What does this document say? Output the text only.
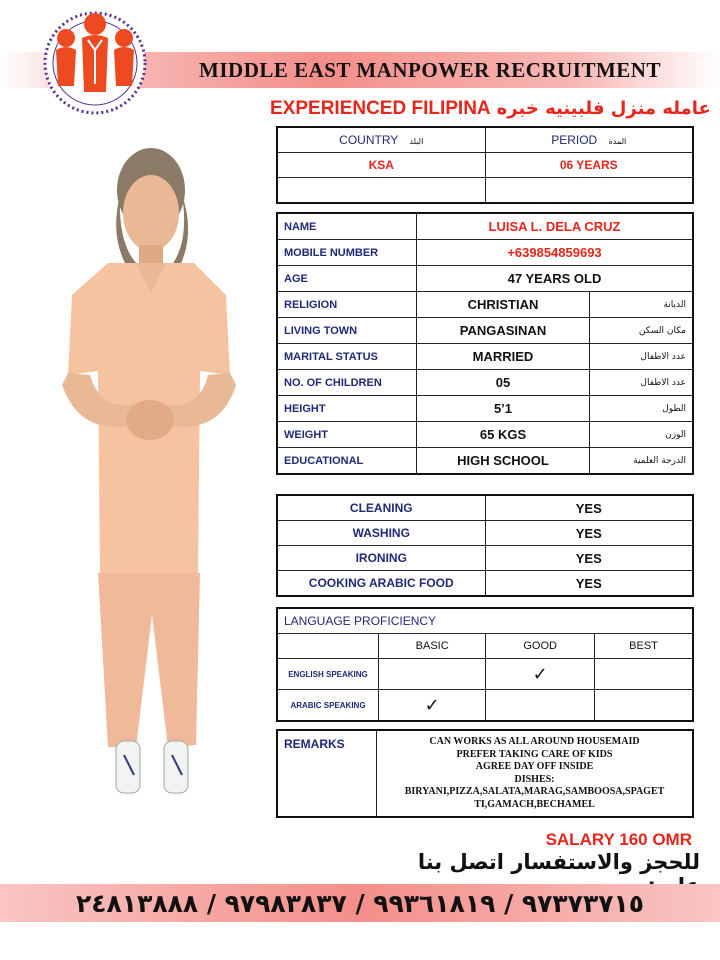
MIDDLE EAST MANPOWER RECRUITMENT
EXPERIENCED FILIPINA عامله منزل فلبينيه خبره
COUNTRY البلد	PERIOD المدة
KSA	06 YEARS

NAME	LUISA L. DELA CRUZ	
MOBILE NUMBER	+639854859693	
AGE	47 YEARS OLD	
RELIGION	CHRISTIAN	الديانة
LIVING TOWN	PANGASINAN	مكان السكن
MARITAL STATUS	MARRIED	عدد الاطفال
NO. OF CHILDREN	05	عدد الاطفال
HEIGHT	5’1	الطول
WEIGHT	65 KGS	الوزن
EDUCATIONAL	HIGH SCHOOL	الدرجة العلمية
CLEANING	YES
WASHING	YES
IRONING	YES
COOKING ARABIC FOOD	YES
LANGUAGE PROFICIENCY			
	BASIC	GOOD	BEST
ENGLISH SPEAKING		✓	
ARABIC SPEAKING	✓		
REMARKS	CAN WORKS AS ALL AROUND HOUSEMAID
PREFER TAKING CARE OF KIDS
AGREE DAY OFF INSIDE
DISHES:
BIRYANI,PIZZA,SALATA,MARAG,SAMBOOSA,SPAGET
TI,GAMACH,BECHAMEL
SALARY 160 OMR
للحجز والاستفسار اتصل بنا
٩٧٣٧٣٧١٥ / ٩٩٣٦١٨١٩ / ٩٧٩٨٣٨٣٧ / ٢٤٨١٣٨٨٨
